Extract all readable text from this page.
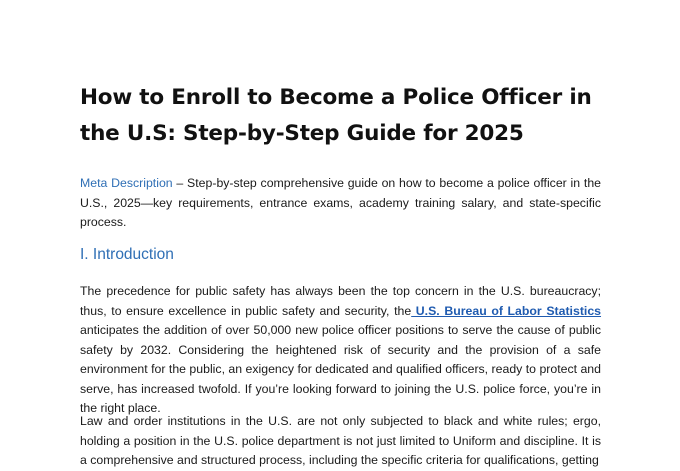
How to Enroll to Become a Police Officer in the U.S: Step-by-Step Guide for 2025

Meta Description – Step-by-step comprehensive guide on how to become a police officer in the U.S., 2025—key requirements, entrance exams, academy training salary, and state-specific process.

I. Introduction

The precedence for public safety has always been the top concern in the U.S. bureaucracy; thus, to ensure excellence in public safety and security, the U.S. Bureau of Labor Statistics anticipates the addition of over 50,000 new police officer positions to serve the cause of public safety by 2032. Considering the heightened risk of security and the provision of a safe environment for the public, an exigency for dedicated and qualified officers, ready to protect and serve, has increased twofold. If you’re looking forward to joining the U.S. police force, you’re in the right place.

Law and order institutions in the U.S. are not only subjected to black and white rules; ergo, holding a position in the U.S. police department is not just limited to Uniform and discipline. It is a comprehensive and structured process, including the specific criteria for qualifications, getting
